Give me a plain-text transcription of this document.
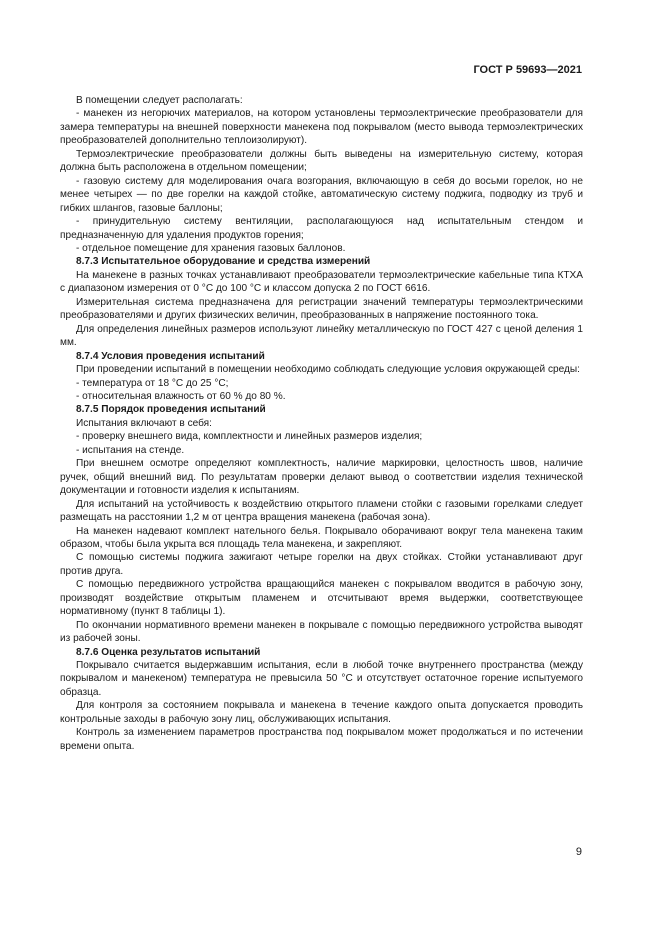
ГОСТ Р 59693—2021

В помещении следует располагать:

- манекен из негорючих материалов, на котором установлены термоэлектрические преобразователи для замера температуры на внешней поверхности манекена под покрывалом (место вывода термоэлектрических преобразователей дополнительно теплоизолируют).

Термоэлектрические преобразователи должны быть выведены на измерительную систему, которая должна быть расположена в отдельном помещении;

- газовую систему для моделирования очага возгорания, включающую в себя до восьми горелок, но не менее четырех — по две горелки на каждой стойке, автоматическую систему поджига, подводку из труб и гибких шлангов, газовые баллоны;

- принудительную систему вентиляции, располагающуюся над испытательным стендом и предназначенную для удаления продуктов горения;

- отдельное помещение для хранения газовых баллонов.

8.7.3 Испытательное оборудование и средства измерений

На манекене в разных точках устанавливают преобразователи термоэлектрические кабельные типа КТХА с диапазоном измерения от 0 °С до 100 °С и классом допуска 2 по ГОСТ 6616.

Измерительная система предназначена для регистрации значений температуры термоэлектрическими преобразователями и других физических величин, преобразованных в напряжение постоянного тока.

Для определения линейных размеров используют линейку металлическую по ГОСТ 427 с ценой деления 1 мм.

8.7.4 Условия проведения испытаний

При проведении испытаний в помещении необходимо соблюдать следующие условия окружающей среды:

- температура от 18 °С до 25 °С;

- относительная влажность от 60 % до 80 %.

8.7.5 Порядок проведения испытаний

Испытания включают в себя:

- проверку внешнего вида, комплектности и линейных размеров изделия;

- испытания на стенде.

При внешнем осмотре определяют комплектность, наличие маркировки, целостность швов, наличие ручек, общий внешний вид. По результатам проверки делают вывод о соответствии изделия технической документации и готовности изделия к испытаниям.

Для испытаний на устойчивость к воздействию открытого пламени стойки с газовыми горелками следует размещать на расстоянии 1,2 м от центра вращения манекена (рабочая зона).

На манекен надевают комплект нательного белья. Покрывало оборачивают вокруг тела манекена таким образом, чтобы была укрыта вся площадь тела манекена, и закрепляют.

С помощью системы поджига зажигают четыре горелки на двух стойках. Стойки устанавливают друг против друга.

С помощью передвижного устройства вращающийся манекен с покрывалом вводится в рабочую зону, производят воздействие открытым пламенем и отсчитывают время выдержки, соответствующее нормативному (пункт 8 таблицы 1).

По окончании нормативного времени манекен в покрывале с помощью передвижного устройства выводят из рабочей зоны.

8.7.6 Оценка результатов испытаний

Покрывало считается выдержавшим испытания, если в любой точке внутреннего пространства (между покрывалом и манекеном) температура не превысила 50 °С и отсутствует остаточное горение испытуемого образца.

Для контроля за состоянием покрывала и манекена в течение каждого опыта допускается проводить контрольные заходы в рабочую зону лиц, обслуживающих испытания.

Контроль за изменением параметров пространства под покрывалом может продолжаться и по истечении времени опыта.

9
